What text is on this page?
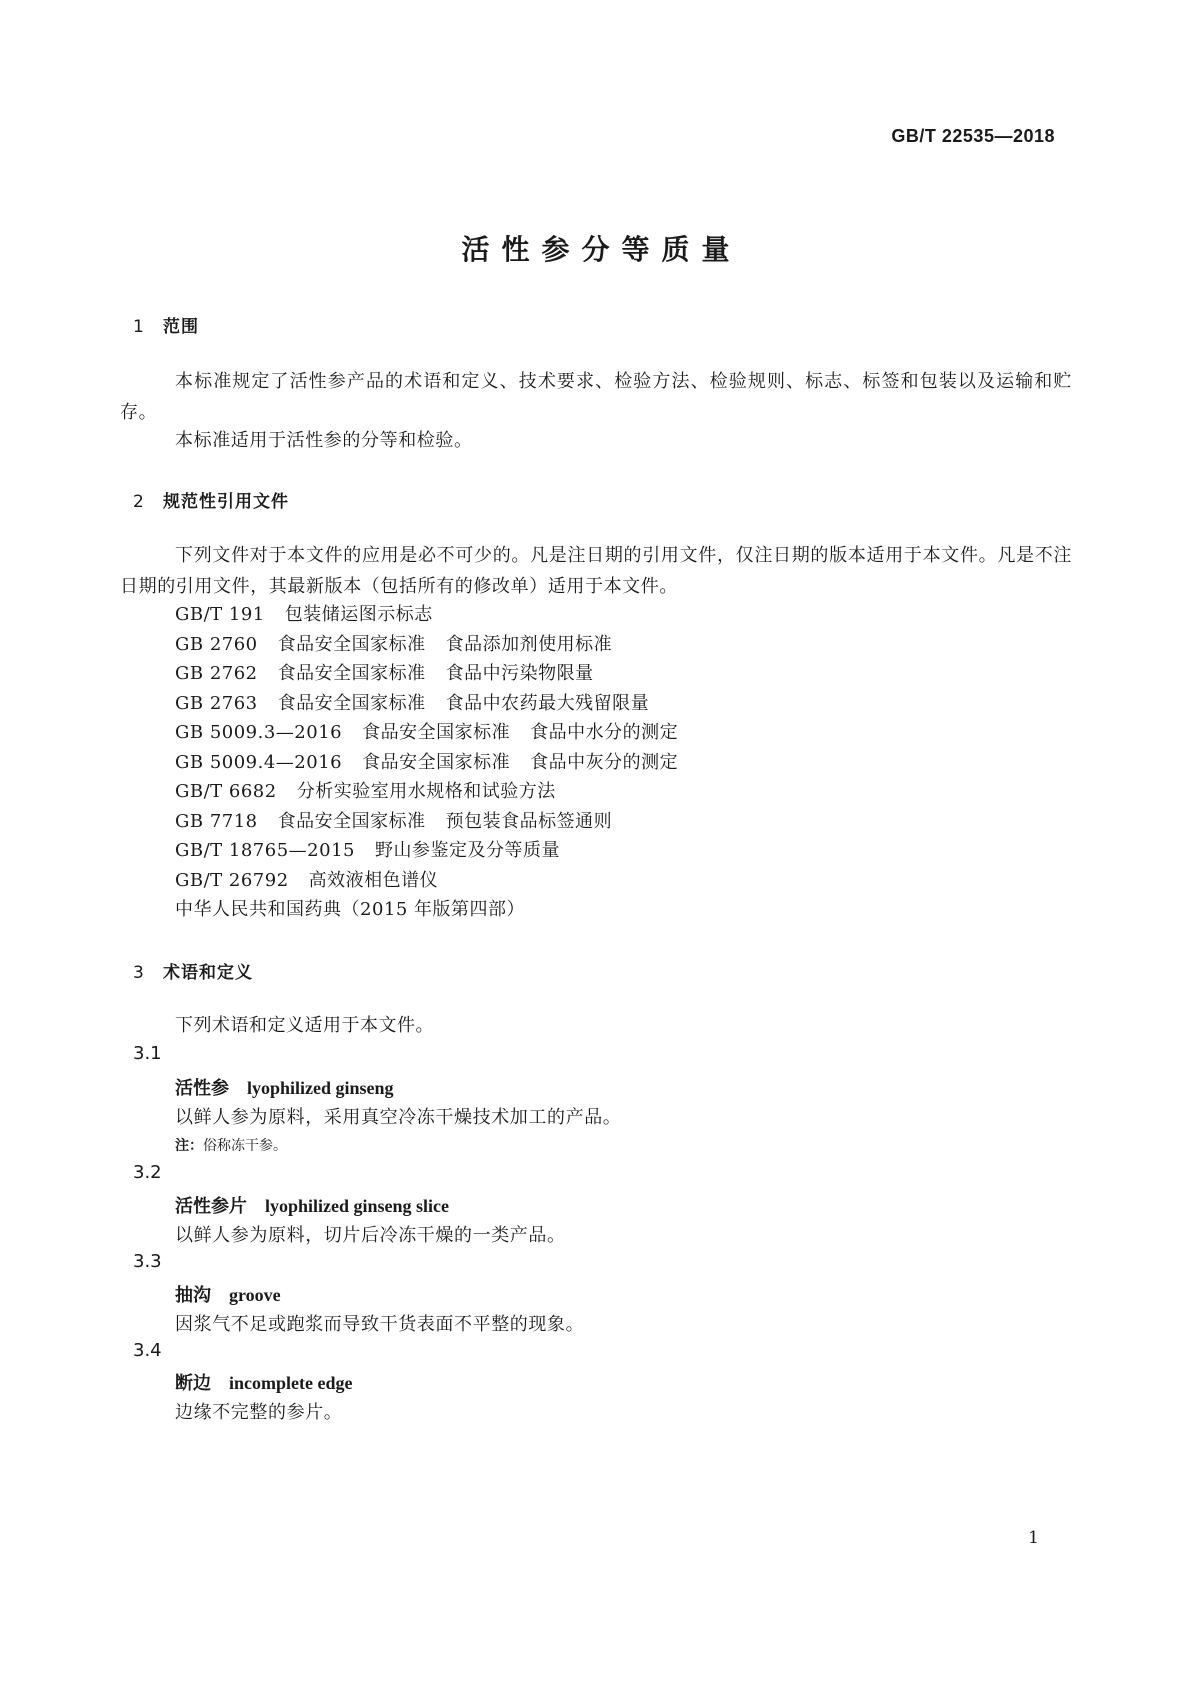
GB/T 22535—2018
活性参分等质量
1 范围
本标准规定了活性参产品的术语和定义、技术要求、检验方法、检验规则、标志、标签和包装以及运输和贮存。
本标准适用于活性参的分等和检验。
2 规范性引用文件
下列文件对于本文件的应用是必不可少的。凡是注日期的引用文件，仅注日期的版本适用于本文件。凡是不注日期的引用文件，其最新版本（包括所有的修改单）适用于本文件。
GB/T 191 包装储运图示标志
GB 2760 食品安全国家标准 食品添加剂使用标准
GB 2762 食品安全国家标准 食品中污染物限量
GB 2763 食品安全国家标准 食品中农药最大残留限量
GB 5009.3—2016 食品安全国家标准 食品中水分的测定
GB 5009.4—2016 食品安全国家标准 食品中灰分的测定
GB/T 6682 分析实验室用水规格和试验方法
GB 7718 食品安全国家标准 预包装食品标签通则
GB/T 18765—2015 野山参鉴定及分等质量
GB/T 26792 高效液相色谱仪
中华人民共和国药典（2015 年版第四部）
3 术语和定义
下列术语和定义适用于本文件。
3.1
活性参 lyophilized ginseng
以鲜人参为原料，采用真空冷冻干燥技术加工的产品。
注：俗称冻干参。
3.2
活性参片 lyophilized ginseng slice
以鲜人参为原料，切片后冷冻干燥的一类产品。
3.3
抽沟 groove
因浆气不足或跑浆而导致干货表面不平整的现象。
3.4
断边 incomplete edge
边缘不完整的参片。
1
